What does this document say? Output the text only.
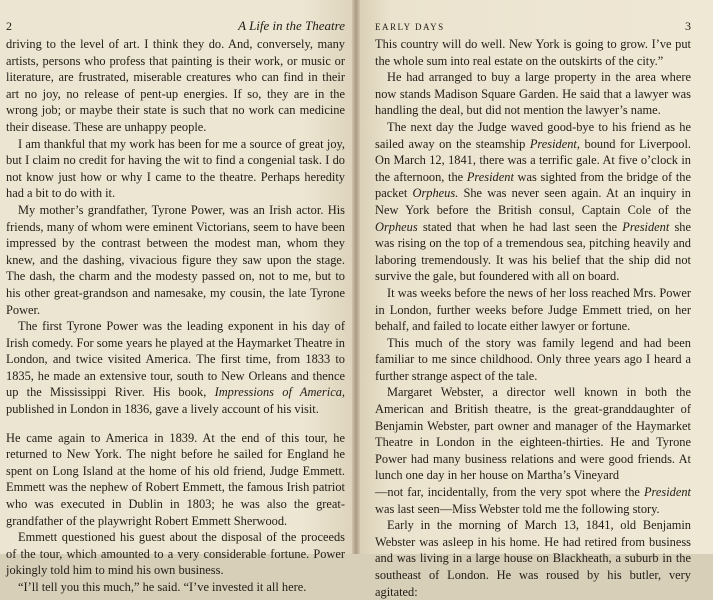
2	A Life in the Theatre

driving to the level of art. I think they do. And, conversely, many artists, persons who profess that painting is their work, or music or literature, are frustrated, miserable creatures who can find in their art no joy, no release of pent-up energies. If so, they are in the wrong job; or maybe their state is such that no work can medicine their disease. These are unhappy people.

I am thankful that my work has been for me a source of great joy, but I claim no credit for having the wit to find a congenial task. I do not know just how or why I came to the theatre. Perhaps heredity had a bit to do with it.

My mother’s grandfather, Tyrone Power, was an Irish actor. His friends, many of whom were eminent Victorians, seem to have been impressed by the contrast between the modest man, whom they knew, and the dashing, vivacious figure they saw upon the stage. The dash, the charm and the modesty passed on, not to me, but to his other great-grandson and namesake, my cousin, the late Tyrone Power.

The first Tyrone Power was the leading exponent in his day of Irish comedy. For some years he played at the Haymarket Theatre in London, and twice visited America. The first time, from 1833 to 1835, he made an extensive tour, south to New Orleans and thence up the Mississippi River. His book, Impressions of America, published in London in 1836, gave a lively account of his visit.

He came again to America in 1839. At the end of this tour, he returned to New York. The night before he sailed for England he spent on Long Island at the home of his old friend, Judge Emmett. Emmett was the nephew of Robert Emmett, the famous Irish patriot who was executed in Dublin in 1803; he was also the great-grandfather of the playwright Robert Emmett Sherwood.

Emmett questioned his guest about the disposal of the proceeds of the tour, which amounted to a very considerable fortune. Power jokingly told him to mind his own business.

“I’ll tell you this much,” he said. “I’ve invested it all here.

EARLY DAYS	3

This country will do well. New York is going to grow. I’ve put the whole sum into real estate on the outskirts of the city.”

He had arranged to buy a large property in the area where now stands Madison Square Garden. He said that a lawyer was handling the deal, but did not mention the lawyer’s name.

The next day the Judge waved good-bye to his friend as he sailed away on the steamship President, bound for Liverpool. On March 12, 1841, there was a terrific gale. At five o’clock in the afternoon, the President was sighted from the bridge of the packet Orpheus. She was never seen again. At an inquiry in New York before the British consul, Captain Cole of the Orpheus stated that when he had last seen the President she was rising on the top of a tremendous sea, pitching heavily and laboring tremendously. It was his belief that the ship did not survive the gale, but foundered with all on board.

It was weeks before the news of her loss reached Mrs. Power in London, further weeks before Judge Emmett tried, on her behalf, and failed to locate either lawyer or fortune.

This much of the story was family legend and had been familiar to me since childhood. Only three years ago I heard a further strange aspect of the tale.

Margaret Webster, a director well known in both the American and British theatre, is the great-granddaughter of Benjamin Webster, part owner and manager of the Haymarket Theatre in London in the eighteen-thirties. He and Tyrone Power had many business relations and were good friends. At lunch one day in her house on Martha’s Vineyard

—not far, incidentally, from the very spot where the President was last seen—Miss Webster told me the following story.

Early in the morning of March 13, 1841, old Benjamin Webster was asleep in his home. He had retired from business and was living in a large house on Blackheath, a suburb in the southeast of London. He was roused by his butler, very agitated:
